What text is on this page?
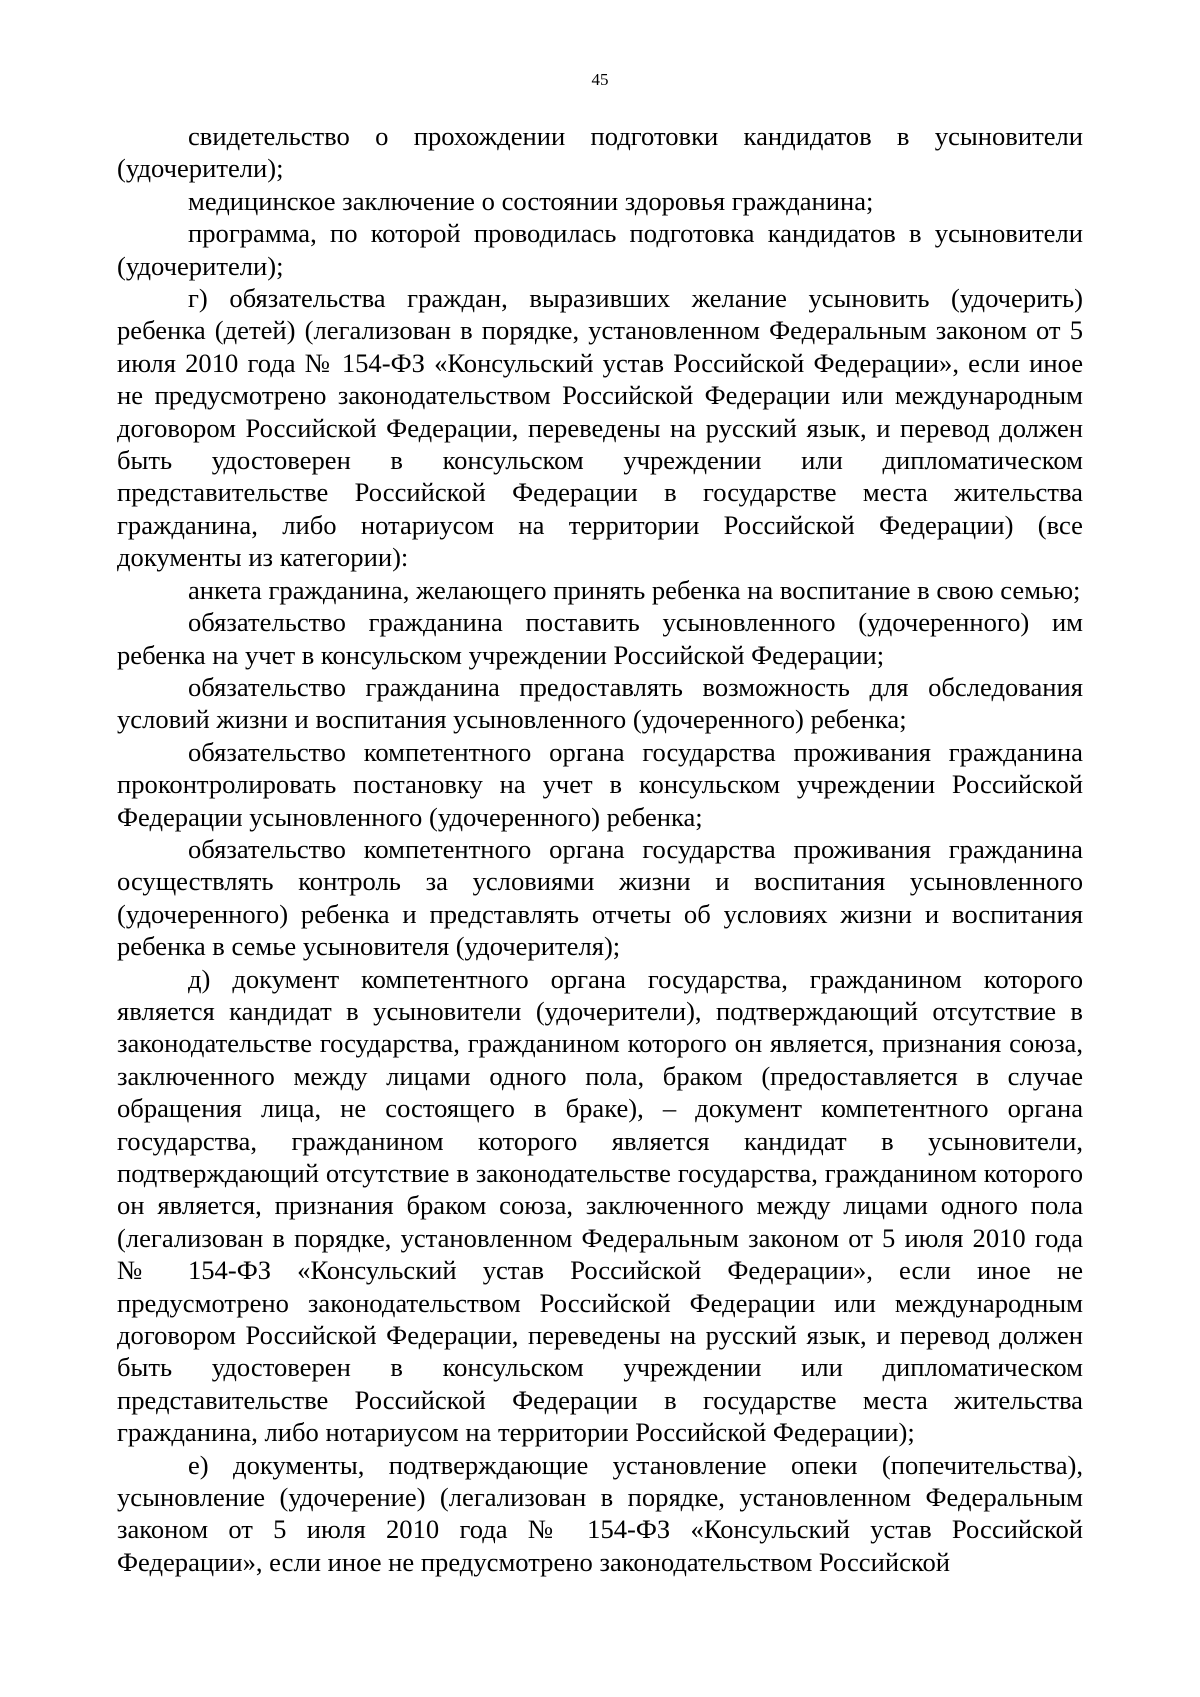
45

свидетельство о прохождении подготовки кандидатов в усыновители (удочерители);

медицинское заключение о состоянии здоровья гражданина;

программа, по которой проводилась подготовка кандидатов в усыновители (удочерители);

г) обязательства граждан, выразивших желание усыновить (удочерить) ребенка (детей) (легализован в порядке, установленном Федеральным законом от 5 июля 2010 года № 154-ФЗ «Консульский устав Российской Федерации», если иное не предусмотрено законодательством Российской Федерации или международным договором Российской Федерации, переведены на русский язык, и перевод должен быть удостоверен в консульском учреждении или дипломатическом представительстве Российской Федерации в государстве места жительства гражданина, либо нотариусом на территории Российской Федерации) (все документы из категории):

анкета гражданина, желающего принять ребенка на воспитание в свою семью;

обязательство гражданина поставить усыновленного (удочеренного) им ребенка на учет в консульском учреждении Российской Федерации;

обязательство гражданина предоставлять возможность для обследования условий жизни и воспитания усыновленного (удочеренного) ребенка;

обязательство компетентного органа государства проживания гражданина проконтролировать постановку на учет в консульском учреждении Российской Федерации усыновленного (удочеренного) ребенка;

обязательство компетентного органа государства проживания гражданина осуществлять контроль за условиями жизни и воспитания усыновленного (удочеренного) ребенка и представлять отчеты об условиях жизни и воспитания ребенка в семье усыновителя (удочерителя);

д) документ компетентного органа государства, гражданином которого является кандидат в усыновители (удочерители), подтверждающий отсутствие в законодательстве государства, гражданином которого он является, признания союза, заключенного между лицами одного пола, браком (предоставляется в случае обращения лица, не состоящего в браке), – документ компетентного органа государства, гражданином которого является кандидат в усыновители, подтверждающий отсутствие в законодательстве государства, гражданином которого он является, признания браком союза, заключенного между лицами одного пола (легализован в порядке, установленном Федеральным законом от 5 июля 2010 года № 154-ФЗ «Консульский устав Российской Федерации», если иное не предусмотрено законодательством Российской Федерации или международным договором Российской Федерации, переведены на русский язык, и перевод должен быть удостоверен в консульском учреждении или дипломатическом представительстве Российской Федерации в государстве места жительства гражданина, либо нотариусом на территории Российской Федерации);

е) документы, подтверждающие установление опеки (попечительства), усыновление (удочерение) (легализован в порядке, установленном Федеральным законом от 5 июля 2010 года № 154-ФЗ «Консульский устав Российской Федерации», если иное не предусмотрено законодательством Российской
